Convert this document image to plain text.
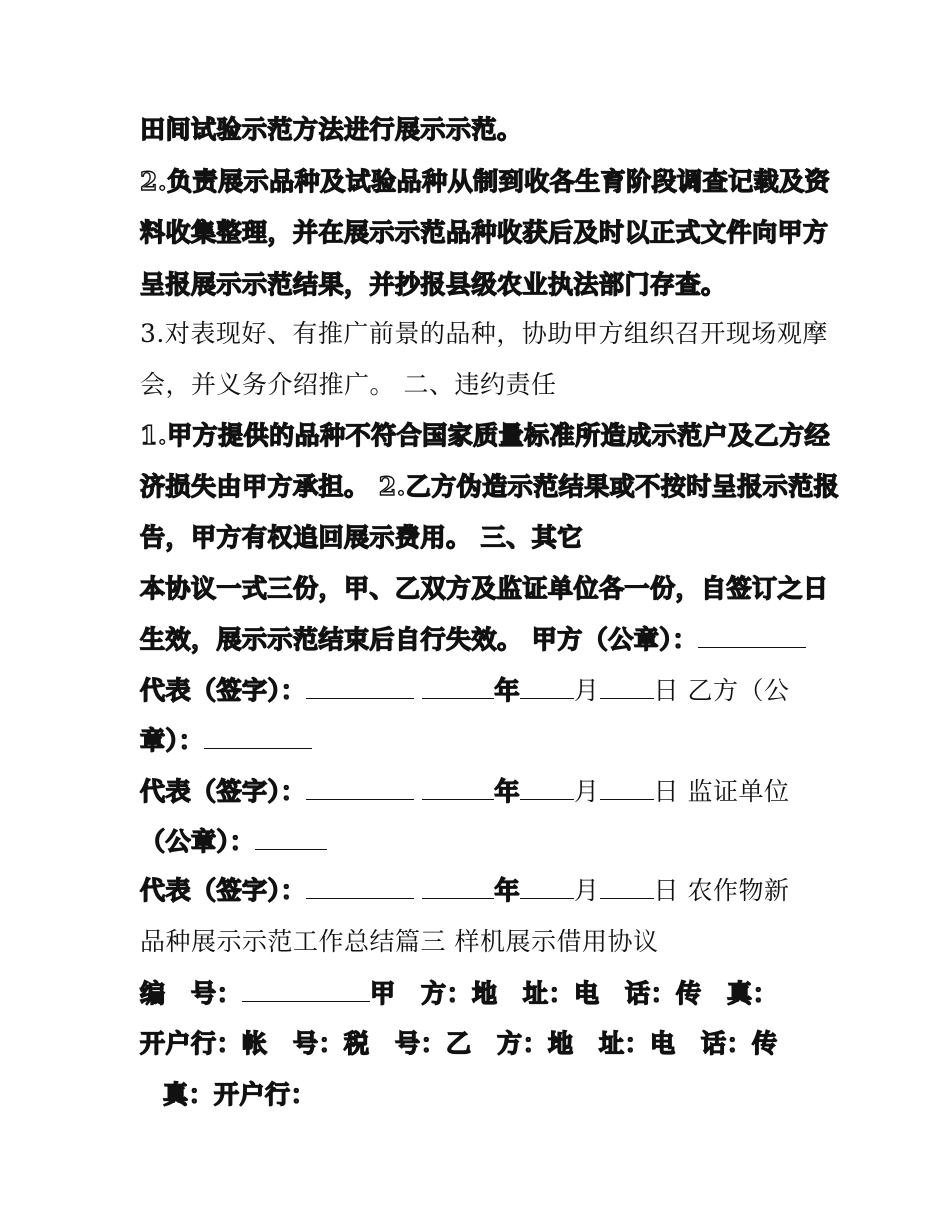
田间试验示范方法进行展示示范。
2.负责展示品种及试验品种从制到收各生育阶段调查记载及资
料收集整理，并在展示示范品种收获后及时以正式文件向甲方
呈报展示示范结果，并抄报县级农业执法部门存查。
3.对表现好、有推广前景的品种，协助甲方组织召开现场观摩
会，并义务介绍推广。 二、违约责任
1.甲方提供的品种不符合国家质量标准所造成示范户及乙方经
济损失由甲方承担。 2.乙方伪造示范结果或不按时呈报示范报
告，甲方有权追回展示费用。 三、其它
本协议一式三份，甲、乙双方及监证单位各一份，自签订之日
生效，展示示范结束后自行失效。 甲方（公章）：
代表（签字）：	年 月 日 乙方（公
章）：
代表（签字）：	年 月 日 监证单位
（公章）：
代表（签字）：	年 月 日 农作物新
品种展示示范工作总结篇三 样机展示借用协议
编　号：	甲　方：地　址：电　话：传　真：
开户行：帐　号：税　号：乙　方：地　址：电　话：传
真：开户行：
